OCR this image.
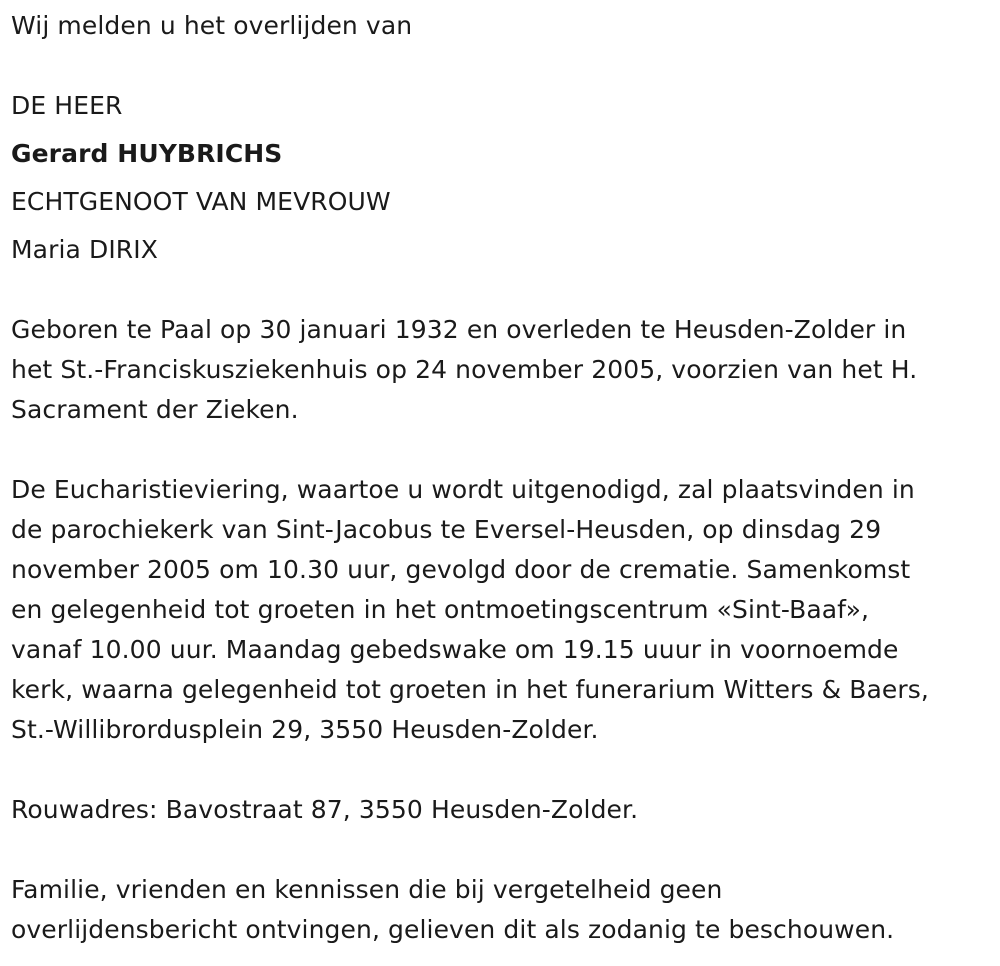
Wij melden u het overlijden van
DE HEER
Gerard HUYBRICHS
ECHTGENOOT VAN MEVROUW
Maria DIRIX
Geboren te Paal op 30 januari 1932 en overleden te Heusden-Zolder in
het St.-Franciskusziekenhuis op 24 november 2005, voorzien van het H.
Sacrament der Zieken.
De Eucharistieviering, waartoe u wordt uitgenodigd, zal plaatsvinden in
de parochiekerk van Sint-Jacobus te Eversel-Heusden, op dinsdag 29
november 2005 om 10.30 uur, gevolgd door de crematie. Samenkomst
en gelegenheid tot groeten in het ontmoetingscentrum «Sint-Baaf»,
vanaf 10.00 uur. Maandag gebedswake om 19.15 uuur in voornoemde
kerk, waarna gelegenheid tot groeten in het funerarium Witters & Baers,
St.-Willibrordusplein 29, 3550 Heusden-Zolder.
Rouwadres: Bavostraat 87, 3550 Heusden-Zolder.
Familie, vrienden en kennissen die bij vergetelheid geen
overlijdensbericht ontvingen, gelieven dit als zodanig te beschouwen.
